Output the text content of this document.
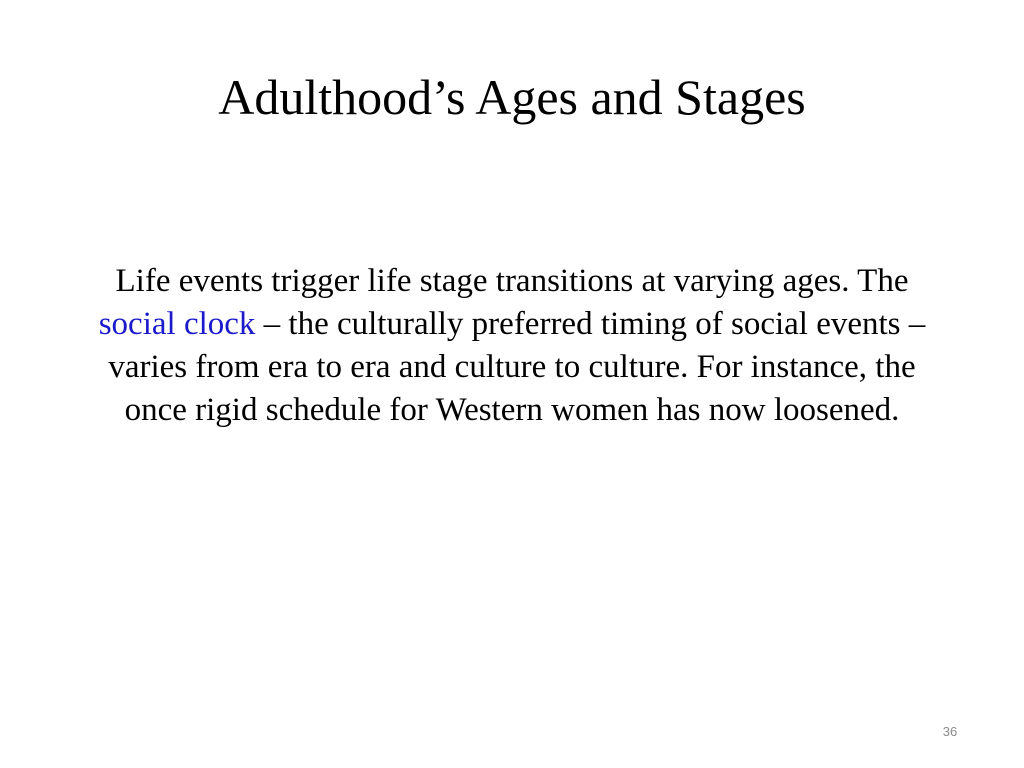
Adulthood’s Ages and Stages

Life events trigger life stage transitions at varying ages. The social clock – the culturally preferred timing of social events – varies from era to era and culture to culture. For instance, the once rigid schedule for Western women has now loosened.

36
